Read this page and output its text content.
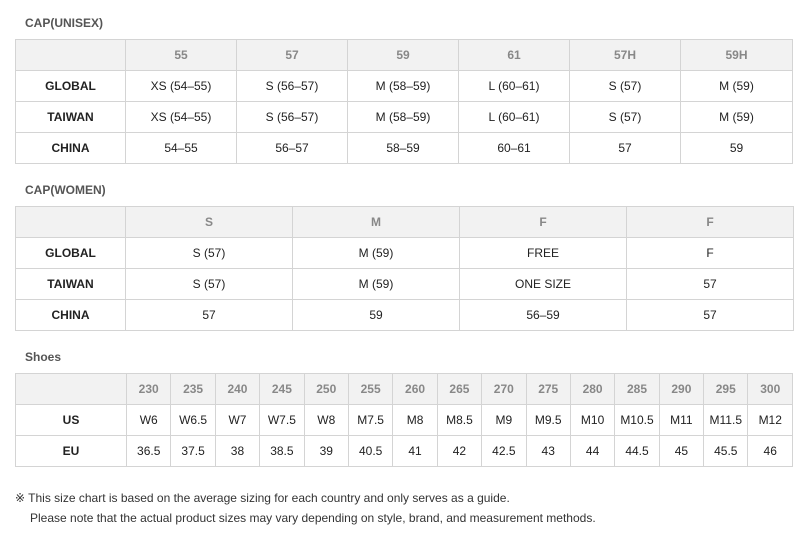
CAP(UNISEX)
	55	57	59	61	57H	59H
GLOBAL	XS (54–55)	S (56–57)	M (58–59)	L (60–61)	S (57)	M (59)
TAIWAN	XS (54–55)	S (56–57)	M (58–59)	L (60–61)	S (57)	M (59)
CHINA	54–55	56–57	58–59	60–61	57	59
CAP(WOMEN)
	S	M	F	F
GLOBAL	S (57)	M (59)	FREE	F
TAIWAN	S (57)	M (59)	ONE SIZE	57
CHINA	57	59	56–59	57
Shoes
	230	235	240	245	250	255	260	265	270	275	280	285	290	295	300
US	W6	W6.5	W7	W7.5	W8	M7.5	M8	M8.5	M9	M9.5	M10	M10.5	M11	M11.5	M12
EU	36.5	37.5	38	38.5	39	40.5	41	42	42.5	43	44	44.5	45	45.5	46
※ This size chart is based on the average sizing for each country and only serves as a guide.
Please note that the actual product sizes may vary depending on style, brand, and measurement methods.
